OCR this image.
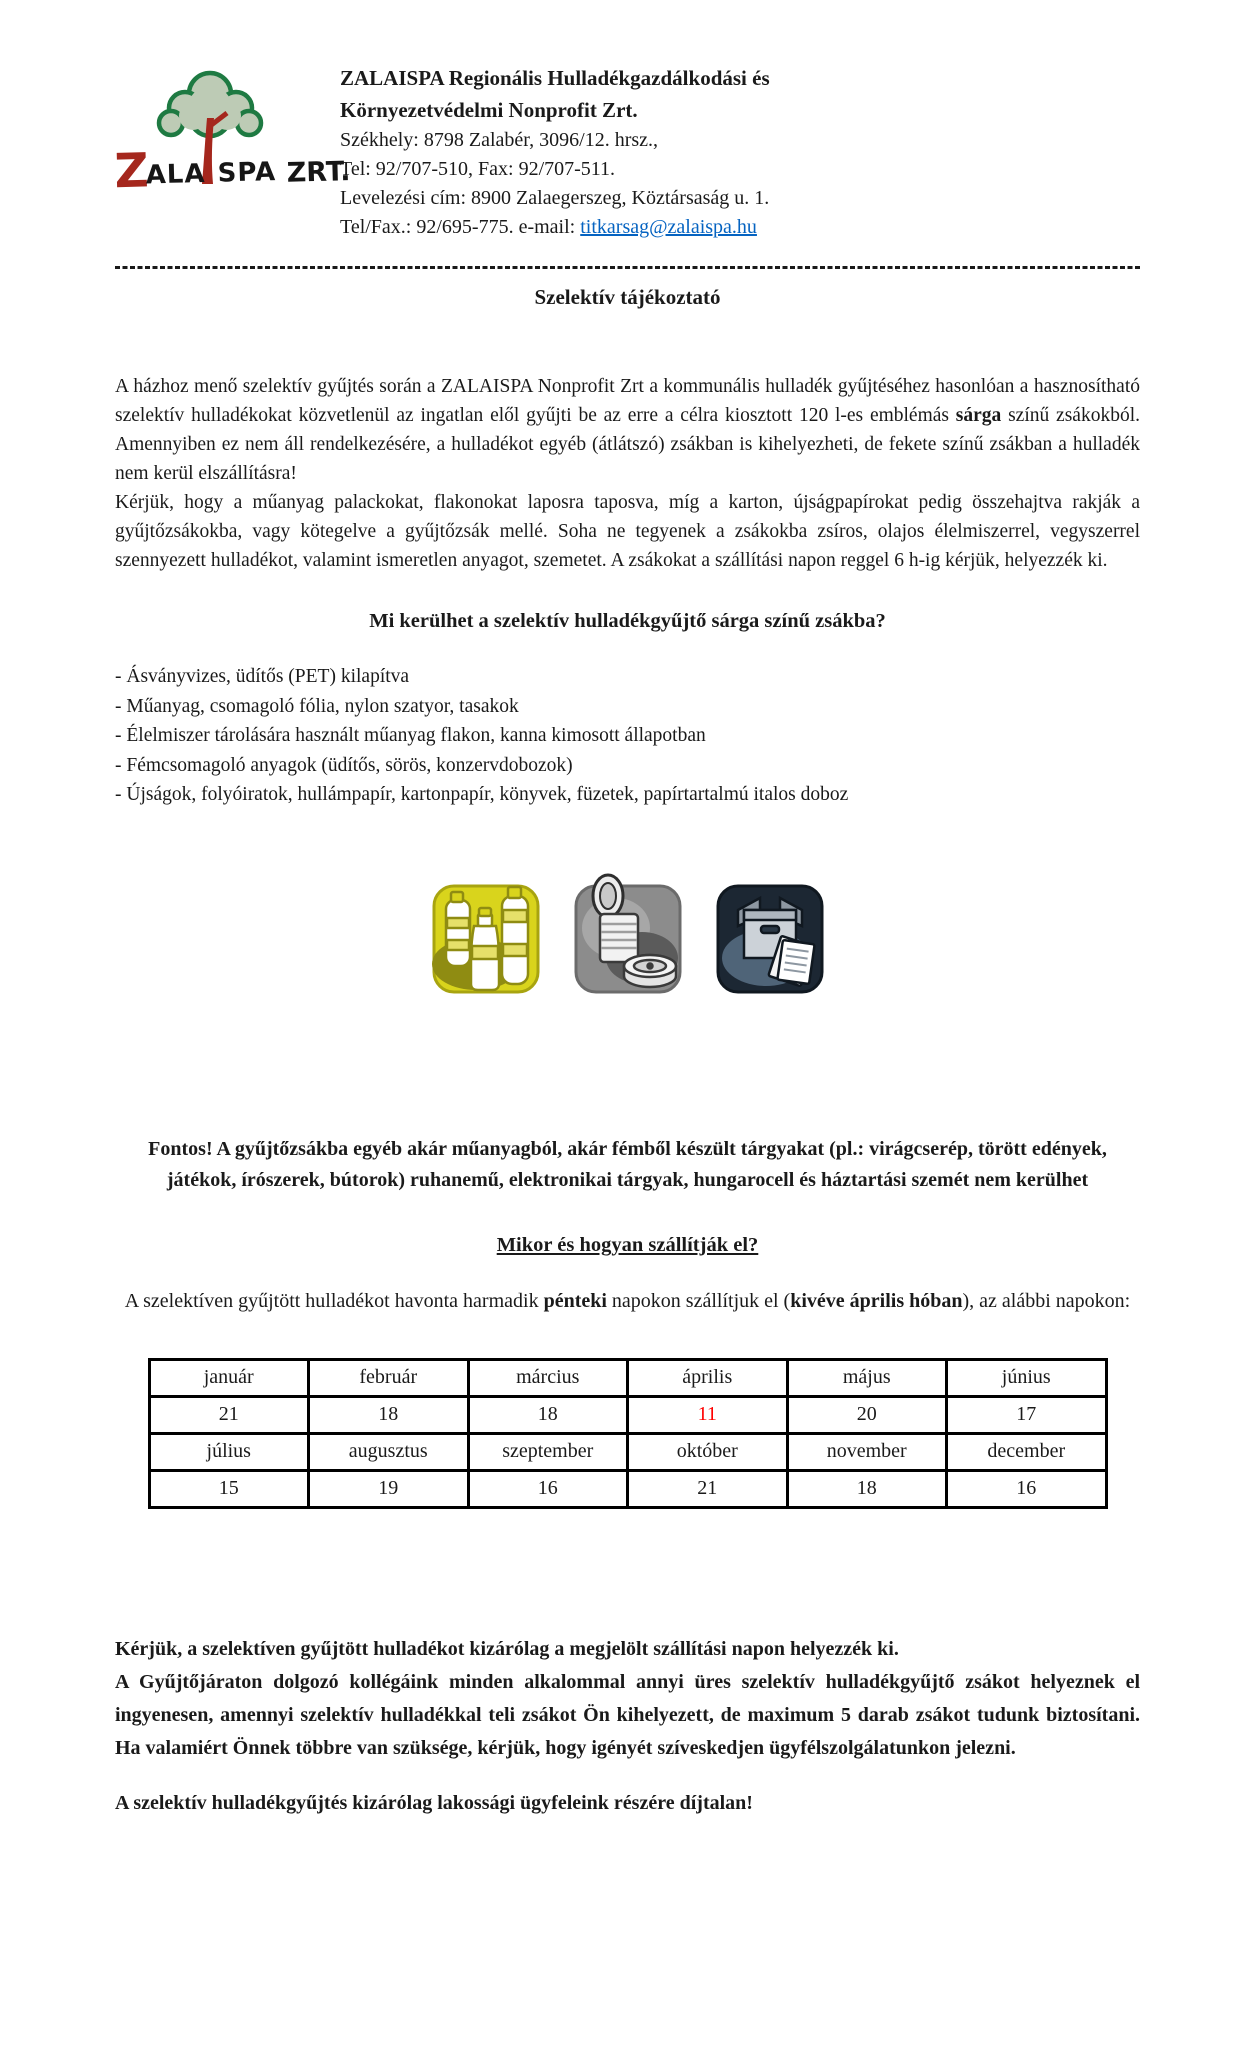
Z
ALA SPA ZRT.
ZALAISPA Regionális Hulladékgazdálkodási és
Környezetvédelmi Nonprofit Zrt.
Székhely: 8798 Zalabér, 3096/12. hrsz.,
Tel: 92/707-510, Fax: 92/707-511.
Levelezési cím: 8900 Zalaegerszeg, Köztársaság u. 1.
Tel/Fax.: 92/695-775. e-mail: titkarsag@zalaispa.hu
Szelektív tájékoztató
A házhoz menő szelektív gyűjtés során a ZALAISPA Nonprofit Zrt a kommunális hulladék gyűjtéséhez hasonlóan a hasznosítható szelektív hulladékokat közvetlenül az ingatlan elől gyűjti be az erre a célra kiosztott 120 l-es emblémás sárga színű zsákokból. Amennyiben ez nem áll rendelkezésére, a hulladékot egyéb (átlátszó) zsákban is kihelyezheti, de fekete színű zsákban a hulladék nem kerül elszállításra!
Kérjük, hogy a műanyag palackokat, flakonokat laposra taposva, míg a karton, újságpapírokat pedig összehajtva rakják a gyűjtőzsákokba, vagy kötegelve a gyűjtőzsák mellé. Soha ne tegyenek a zsákokba zsíros, olajos élelmiszerrel, vegyszerrel szennyezett hulladékot, valamint ismeretlen anyagot, szemetet. A zsákokat a szállítási napon reggel 6 h-ig kérjük, helyezzék ki.
Mi kerülhet a szelektív hulladékgyűjtő sárga színű zsákba?
- Ásványvizes, üdítős (PET) kilapítva
- Műanyag, csomagoló fólia, nylon szatyor, tasakok
- Élelmiszer tárolására használt műanyag flakon, kanna kimosott állapotban
- Fémcsomagoló anyagok (üdítős, sörös, konzervdobozok)
- Újságok, folyóiratok, hullámpapír, kartonpapír, könyvek, füzetek, papírtartalmú italos doboz
Fontos! A gyűjtőzsákba egyéb akár műanyagból, akár fémből készült tárgyakat (pl.: virágcserép, törött edények, játékok, írószerek, bútorok) ruhanemű, elektronikai tárgyak, hungarocell és háztartási szemét nem kerülhet
Mikor és hogyan szállítják el?
A szelektíven gyűjtött hulladékot havonta harmadik pénteki napokon szállítjuk el (kivéve április hóban), az alábbi napokon:
január	február	március	április	május	június
21	18	18	11	20	17
július	augusztus	szeptember	október	november	december
15	19	16	21	18	16
Kérjük, a szelektíven gyűjtött hulladékot kizárólag a megjelölt szállítási napon helyezzék ki.
A Gyűjtőjáraton dolgozó kollégáink minden alkalommal annyi üres szelektív hulladékgyűjtő zsákot helyeznek el ingyenesen, amennyi szelektív hulladékkal teli zsákot Ön kihelyezett, de maximum 5 darab zsákot tudunk biztosítani. Ha valamiért Önnek többre van szüksége, kérjük, hogy igényét szíveskedjen ügyfélszolgálatunkon jelezni.
A szelektív hulladékgyűjtés kizárólag lakossági ügyfeleink részére díjtalan!
